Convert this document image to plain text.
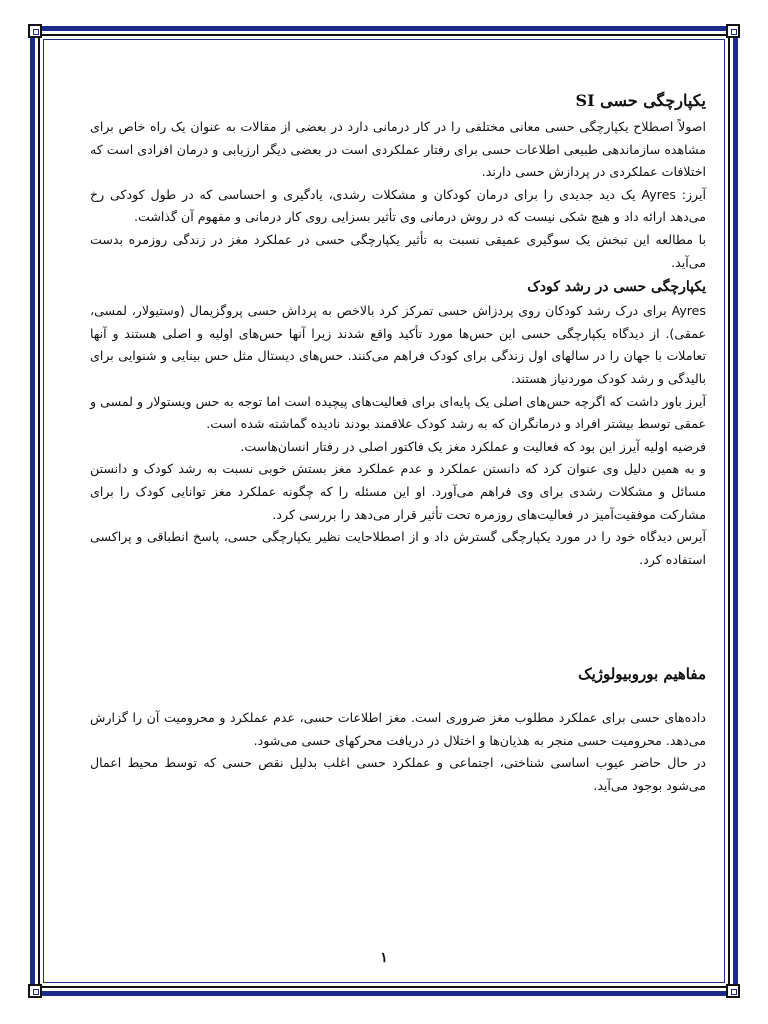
یکپارچگی حسی SI

اصولاً اصطلاح یکپارچگی حسی معانی مختلفی را در کار درمانی دارد در بعضی از مقالات به عنوان یک راه خاص برای مشاهده سازماندهی طبیعی اطلاعات حسی برای رفتار عملکردی است در بعضی دیگر ارزیابی و درمان افرادی است که اختلافات عملکردی در پردازش حسی دارند.

آیرز: Ayres یک دید جدیدی را برای درمان کودکان و مشکلات رشدی، یادگیری و احساسی که در طول کودکی رخ می‌دهد ارائه داد و هیچ شکی نیست که در روش درمانی وی تأثیر بسزایی روی کار درمانی و مفهوم آن گذاشت.

با مطالعه این تبخش یک سوگیری عمیقی نسبت به تأثیر یکپارچگی حسی در عملکرد مغز در زندگی روزمره بدست می‌آید.

یکپارچگی حسی در رشد کودک

Ayres برای درک رشد کودکان روی پردزاش حسی تمرکز کرد بالاخص به پرداش حسی پروگزیمال (وستیولار، لمسی، عمقی). از دیدگاه یکپارچگی حسی این حس‌ها مورد تأکید واقع شدند زیرا آنها حس‌های اولیه و اصلی هستند و آنها تعاملات با جهان را در سالهای اول زندگی برای کودک فراهم می‌کنند. حس‌های دیستال مثل حس بینایی و شنوایی برای بالیدگی و رشد کودک موردنیاز هستند.

آیرز باور داشت که اگرچه حس‌های اصلی یک پایه‌ای برای فعالیت‌های پیچیده است اما توجه به حس ویستولار و لمسی و عمقی توسط بیشتر افراد و درمانگران که به رشد کودک علاقمند بودند نادیده گماشته شده است.

فرضیه اولیه آیرز این بود که فعالیت و عملکرد مغز یک فاکتور اصلی در رفتار انسان‌هاست.

و به همین دلیل وی عنوان کرد که دانستن عملکرد و عدم عملکرد مغز بستش خوبی نسبت به رشد کودک و دانستن مسائل و مشکلات رشدی برای وی فراهم می‌آورد. او این مسئله را که چگونه عملکرد مغز توانایی کودک را برای مشارکت موفقیت‌آمیز در فعالیت‌های روزمره تحت تأثیر قرار می‌دهد را بررسی کرد.

آیرس دیدگاه خود را در مورد یکپارچگی گسترش داد و از اصطلاحایت نظیر یکپارچگی حسی، پاسخ انطباقی و پراکسی استفاده کرد.

مفاهیم بوروبیولوژیک

داده‌های حسی برای عملکرد مطلوب مغز ضروری است. مغز اطلاعات حسی، عدم عملکرد و محرومیت آن را گزارش می‌دهد. محرومیت حسی منجر به هذیان‌ها و اختلال در دریافت محرکهای حسی می‌شود.

در حال حاضر عیوب اساسی شناختی، اجتماعی و عملکرد حسی اغلب بدلیل نقص حسی که توسط محیط اعمال می‌شود بوجود می‌آید.

۱
